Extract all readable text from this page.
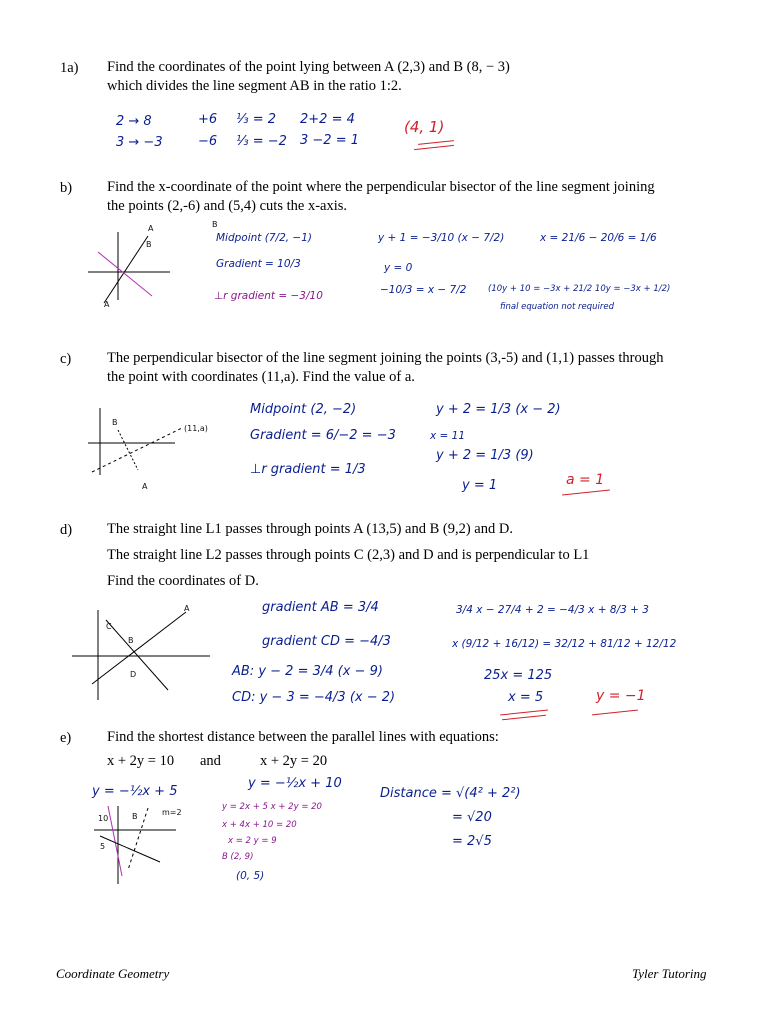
1a) Find the coordinates of the point lying between A (2,3) and B (8, − 3)
which divides the line segment AB in the ratio 1:2.
2 → 8
3 → −3
+6
−6
⅓ = 2
⅓ = −2
2+2 = 4
3 −2 = 1
(4, 1)
b) Find the x-coordinate of the point where the perpendicular bisector of the line segment joining
the points (2,-6) and (5,4) cuts the x-axis.
A
B
A
B
Midpoint (7/2, −1)
Gradient = 10/3
⊥r gradient = −3/10
y + 1 = −3/10 (x − 7/2)
y = 0
−10/3 = x − 7/2
x = 21/6 − 20/6 = 1/6
(10y + 10 = −3x + 21/2 10y = −3x + 1/2)
final equation not required
c) The perpendicular bisector of the line segment joining the points (3,-5) and (1,1) passes through
the point with coordinates (11,a). Find the value of a.
B
(11,a)
A
Midpoint (2, −2)
Gradient = 6/−2 = −3
⊥r gradient = 1/3
y + 2 = 1/3 (x − 2)
x = 11
y + 2 = 1/3 (9)
y = 1	a = 1
d) The straight line L1 passes through points A (13,5) and B (9,2) and D.
The straight line L2 passes through points C (2,3) and D and is perpendicular to L1
Find the coordinates of D.
A
C
B
D
gradient AB = 3/4
gradient CD = −4/3
AB: y − 2 = 3/4 (x − 9)
CD: y − 3 = −4/3 (x − 2)
3/4 x − 27/4 + 2 = −4/3 x + 8/3 + 3
x (9/12 + 16/12) = 32/12 + 81/12 + 12/12
25x = 125
x = 5	y = −1
e) Find the shortest distance between the parallel lines with equations:
x + 2y = 10 and	x + 2y = 20
10	B	m=2
5
y = −½x + 5
y = −½x + 10
y = 2x + 5 x + 2y = 20
x + 4x + 10 = 20
x = 2 y = 9
B (2, 9)
(0, 5)
Distance = √(4² + 2²)
= √20
= 2√5
Coordinate Geometry	Tyler Tutoring
